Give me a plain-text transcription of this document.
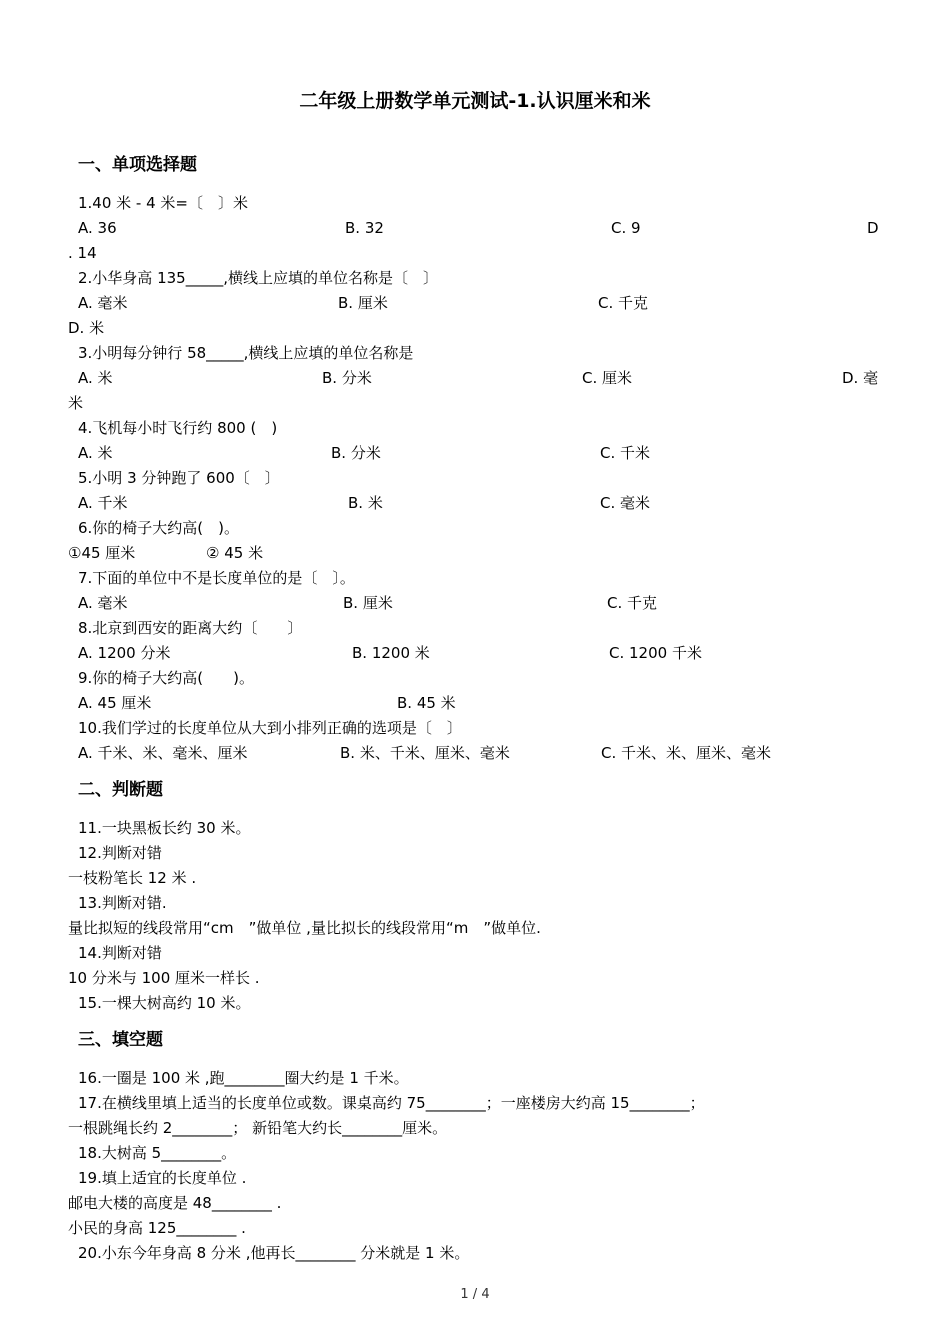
二年级上册数学单元测试-1.认识厘米和米
一、单项选择题
1.40 米 - 4 米=〔　〕米
A. 36	B. 32	C. 9	D
. 14
2.小华身高 135_____,横线上应填的单位名称是〔　〕
A. 毫米	B. 厘米	C. 千克
D. 米
3.小明每分钟行 58_____,横线上应填的单位名称是
A. 米	B. 分米	C. 厘米	D. 毫
米
4.飞机每小时飞行约 800 (　)
A. 米	B. 分米	C. 千米
5.小明 3 分钟跑了 600〔　〕
A. 千米	B. 米	C. 毫米
6.你的椅子大约高(　)。
①45 厘米	② 45 米
7.下面的单位中不是长度单位的是〔　〕。
A. 毫米	B. 厘米	C. 千克
8.北京到西安的距离大约〔　　〕
A. 1200 分米	B. 1200 米	C. 1200 千米
9.你的椅子大约高(　　)。
A. 45 厘米	B. 45 米
10.我们学过的长度单位从大到小排列正确的选项是〔　〕
A. 千米、米、毫米、厘米	B. 米、千米、厘米、毫米	C. 千米、米、厘米、毫米
二、判断题
11.一块黑板长约 30 米。
12.判断对错
一枝粉笔长 12 米 .
13.判断对错.
量比拟短的线段常用“cm　”做单位 ,量比拟长的线段常用“m　”做单位.
14.判断对错
10 分米与 100 厘米一样长 .
15.一棵大树高约 10 米。
三、填空题
16.一圈是 100 米 ,跑________圈大约是 1 千米。
17.在横线里填上适当的长度单位或数。课桌高约 75________；一座楼房大约高 15________；
一根跳绳长约 2________； 新铅笔大约长________厘米。
18.大树高 5________。
19.填上适宜的长度单位 .
邮电大楼的高度是 48________ .
小民的身高 125________ .
20.小东今年身高 8 分米 ,他再长________ 分米就是 1 米。
1 / 4
